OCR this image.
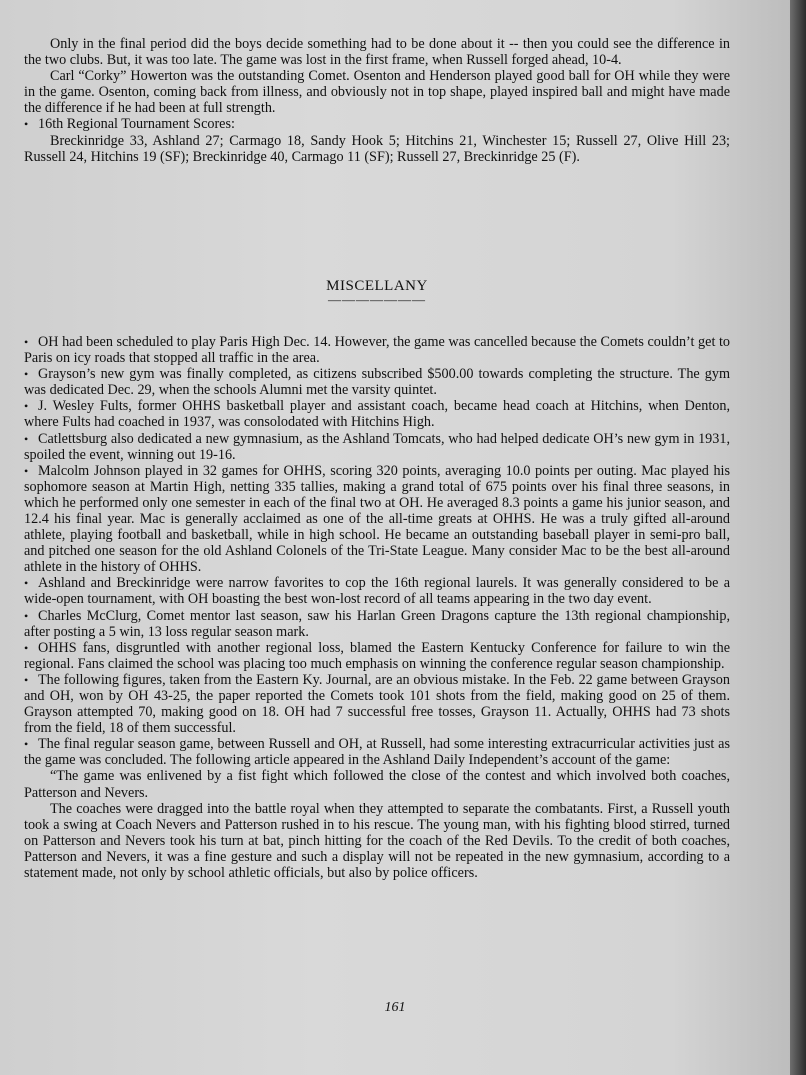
Only in the final period did the boys decide something had to be done about it -- then you could see the difference in the two clubs. But, it was too late. The game was lost in the first frame, when Russell forged ahead, 10-4.

Carl “Corky” Howerton was the outstanding Comet. Osenton and Henderson played good ball for OH while they were in the game. Osenton, coming back from illness, and obviously not in top shape, played inspired ball and might have made the difference if he had been at full strength.

• 16th Regional Tournament Scores:

Breckinridge 33, Ashland 27; Carmago 18, Sandy Hook 5; Hitchins 21, Winchester 15; Russell 27, Olive Hill 23; Russell 24, Hitchins 19 (SF); Breckinridge 40, Carmago 11 (SF); Russell 27, Breckinridge 25 (F).

MISCELLANY
———————

• OH had been scheduled to play Paris High Dec. 14. However, the game was cancelled because the Comets couldn’t get to Paris on icy roads that stopped all traffic in the area.

• Grayson’s new gym was finally completed, as citizens subscribed $500.00 towards completing the structure. The gym was dedicated Dec. 29, when the schools Alumni met the varsity quintet.

• J. Wesley Fults, former OHHS basketball player and assistant coach, became head coach at Hitchins, when Denton, where Fults had coached in 1937, was consolodated with Hitchins High.

• Catlettsburg also dedicated a new gymnasium, as the Ashland Tomcats, who had helped dedicate OH’s new gym in 1931, spoiled the event, winning out 19-16.

• Malcolm Johnson played in 32 games for OHHS, scoring 320 points, averaging 10.0 points per outing. Mac played his sophomore season at Martin High, netting 335 tallies, making a grand total of 675 points over his final three seasons, in which he performed only one semester in each of the final two at OH. He averaged 8.3 points a game his junior season, and 12.4 his final year. Mac is generally acclaimed as one of the all-time greats at OHHS. He was a truly gifted all-around athlete, playing football and basketball, while in high school. He became an outstanding baseball player in semi-pro ball, and pitched one season for the old Ashland Colonels of the Tri-State League. Many consider Mac to be the best all-around athlete in the history of OHHS.

• Ashland and Breckinridge were narrow favorites to cop the 16th regional laurels. It was generally considered to be a wide-open tournament, with OH boasting the best won-lost record of all teams appearing in the two day event.

• Charles McClurg, Comet mentor last season, saw his Harlan Green Dragons capture the 13th regional championship, after posting a 5 win, 13 loss regular season mark.

• OHHS fans, disgruntled with another regional loss, blamed the Eastern Kentucky Conference for failure to win the regional. Fans claimed the school was placing too much emphasis on winning the conference regular season championship.

• The following figures, taken from the Eastern Ky. Journal, are an obvious mistake. In the Feb. 22 game between Grayson and OH, won by OH 43-25, the paper reported the Comets took 101 shots from the field, making good on 25 of them. Grayson attempted 70, making good on 18. OH had 7 successful free tosses, Grayson 11. Actually, OHHS had 73 shots from the field, 18 of them successful.

• The final regular season game, between Russell and OH, at Russell, had some interesting extracurricular activities just as the game was concluded. The following article appeared in the Ashland Daily Independent’s account of the game:

“The game was enlivened by a fist fight which followed the close of the contest and which involved both coaches, Patterson and Nevers.

The coaches were dragged into the battle royal when they attempted to separate the combatants. First, a Russell youth took a swing at Coach Nevers and Patterson rushed in to his rescue. The young man, with his fighting blood stirred, turned on Patterson and Nevers took his turn at bat, pinch hitting for the coach of the Red Devils. To the credit of both coaches, Patterson and Nevers, it was a fine gesture and such a display will not be repeated in the new gymnasium, according to a statement made, not only by school athletic officials, but also by police officers.

161
